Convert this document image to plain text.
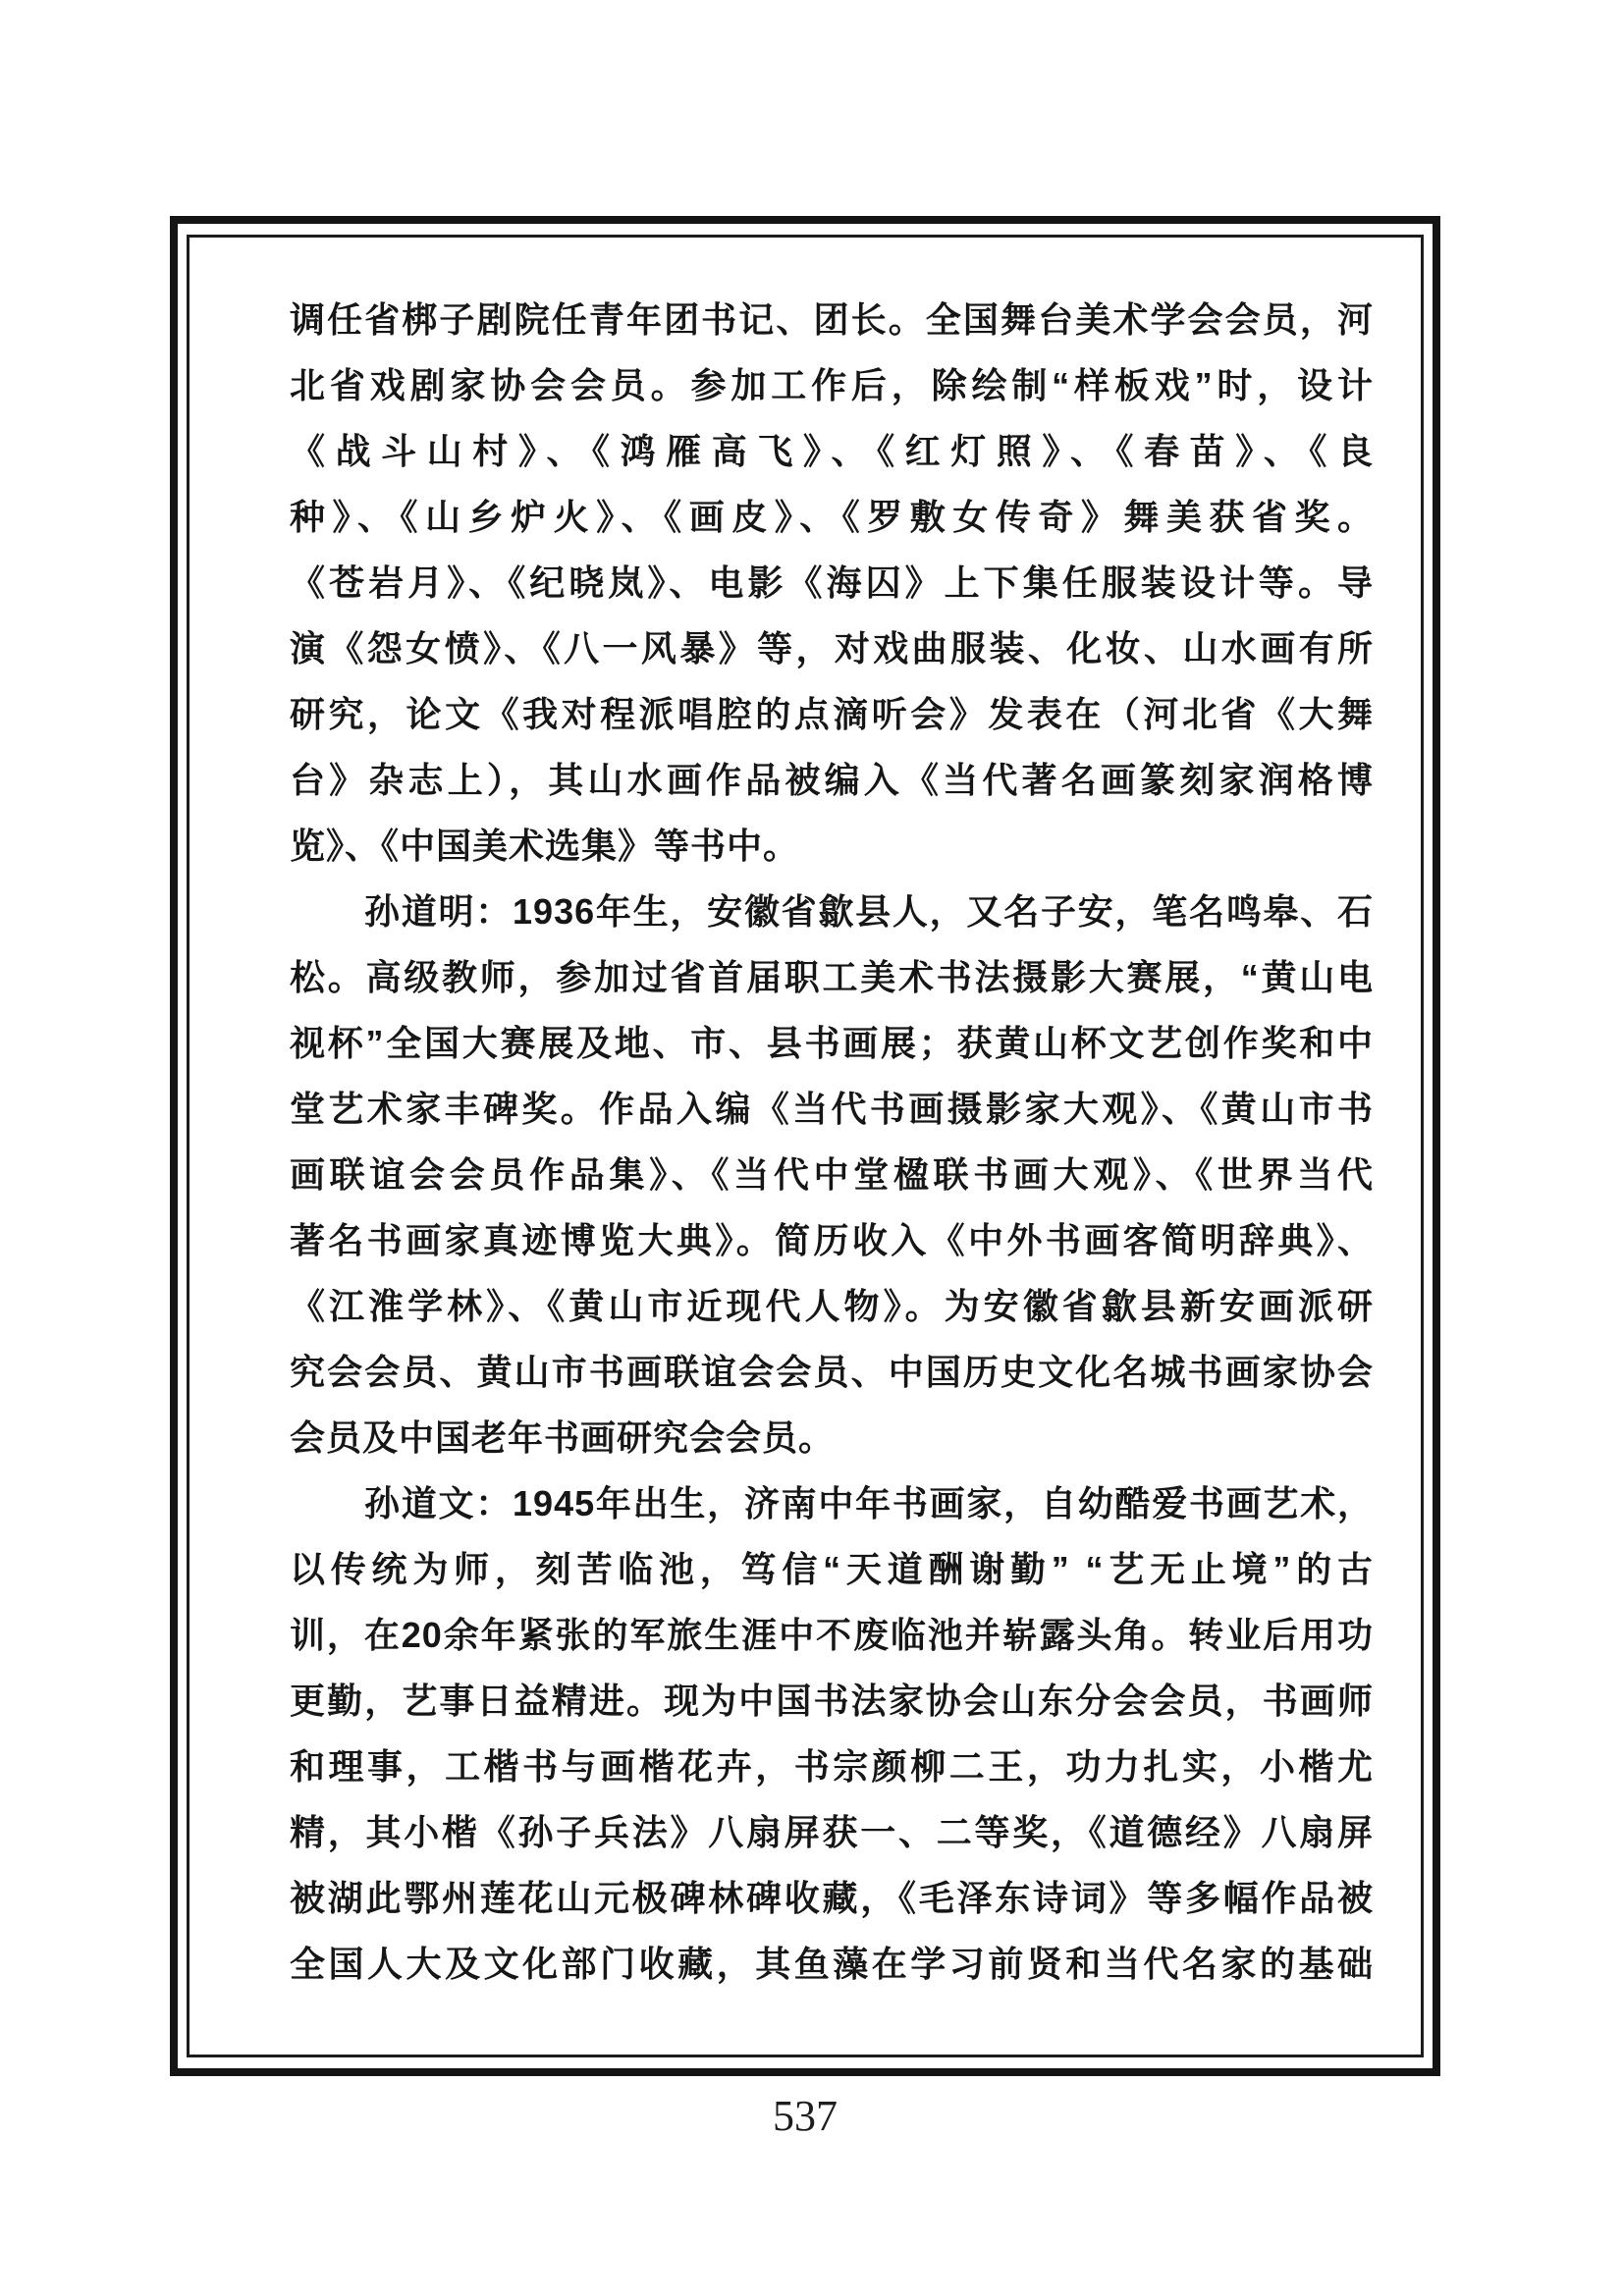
调任省梆子剧院任青年团书记、团长。全国舞台美术学会会员，河
北省戏剧家协会会员。参加工作后，除绘制“样板戏”时，设计
《战斗山村》、《鸿雁高飞》、《红灯照》、《春苗》、《良
种》、《山乡炉火》、《画皮》、《罗敷女传奇》舞美获省奖。
《苍岩月》、《纪晓岚》、电影《海囚》上下集任服装设计等。导
演《怨女愤》、《八一风暴》等，对戏曲服装、化妆、山水画有所
研究，论文《我对程派唱腔的点滴听会》发表在（河北省《大舞
台》杂志上），其山水画作品被编入《当代著名画篆刻家润格博
览》、《中国美术选集》等书中。
孙道明：1936年生，安徽省歙县人，又名子安，笔名鸣皋、石
松。高级教师，参加过省首届职工美术书法摄影大赛展，“黄山电
视杯”全国大赛展及地、市、县书画展；获黄山杯文艺创作奖和中
堂艺术家丰碑奖。作品入编《当代书画摄影家大观》、《黄山市书
画联谊会会员作品集》、《当代中堂楹联书画大观》、《世界当代
著名书画家真迹博览大典》。简历收入《中外书画客简明辞典》、
《江淮学林》、《黄山市近现代人物》。为安徽省歙县新安画派研
究会会员、黄山市书画联谊会会员、中国历史文化名城书画家协会
会员及中国老年书画研究会会员。
孙道文：1945年出生，济南中年书画家，自幼酷爱书画艺术，
以传统为师，刻苦临池，笃信“天道酬谢勤” “艺无止境”的古
训，在20余年紧张的军旅生涯中不废临池并崭露头角。转业后用功
更勤，艺事日益精进。现为中国书法家协会山东分会会员，书画师
和理事，工楷书与画楷花卉，书宗颜柳二王，功力扎实，小楷尤
精，其小楷《孙子兵法》八扇屏获一、二等奖，《道德经》八扇屏
被湖此鄂州莲花山元极碑林碑收藏，《毛泽东诗词》等多幅作品被
全国人大及文化部门收藏，其鱼藻在学习前贤和当代名家的基础
537
